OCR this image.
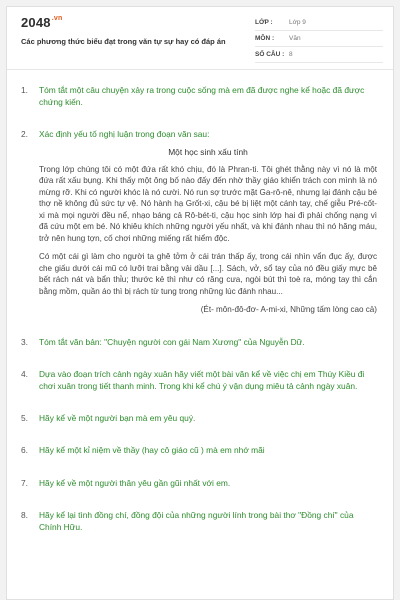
$2048^{.vn}$
Các phương thức biểu đạt trong văn tự sự hay có đáp án
LỚP :	Lớp 9
MÔN :	Văn
SỐ CÂU : 8
1.	Tóm tắt một câu chuyện xảy ra trong cuộc sống mà em đã được nghe kể hoặc đã được chứng kiến.
2.	Xác định yếu tố nghị luận trong đoạn văn sau:
Một học sinh xấu tính

Trong lớp chúng tôi có một đứa rất khó chịu, đó là Phran-ti. Tôi ghét thằng này vì nó là một đứa rất xấu bụng. Khi thấy một ông bố nào đấy đến nhờ thầy giáo khiển trách con mình là nó mừng rỡ. Khi có người khóc là nó cười. Nó run sợ trước mặt Ga-rô-nê, nhưng lại đánh cậu bé thợ nề không đủ sức tự vệ. Nó hành hạ Grốt-xi, cậu bé bị liệt một cánh tay, chế giễu Pré-cốt-xi mà mọi người đều nể, nhạo báng cả Rô-bét-ti, cậu học sinh lớp hai đi phải chống nạng vì đã cứu một em bé. Nó khiêu khích những người yếu nhất, và khi đánh nhau thì nó hăng máu, trở nên hung tợn, cố chơi những miếng rất hiểm độc.

Có một cái gì làm cho người ta ghê tởm ở cái trán thấp ấy, trong cái nhìn vẩn đục ấy, được che giấu dưới cái mũ có lưỡi trai bằng vải dầu [...]. Sách, vở, sổ tay của nó đều giấy mực bê bết rách nát và bẩn thỉu; thước kẻ thì như có răng cưa, ngòi bút thì toè ra, móng tay thì cắn bằng mồm, quần áo thì bị rách từ tung trong những lúc đánh nhau...

(Ét- môn-đô-đơ- A-mi-xi, Những tấm lòng cao cả)

3.	Tóm tắt văn bản: "Chuyện người con gái Nam Xương" của Nguyễn Dữ.
4.	Dựa vào đoạn trích cảnh ngày xuân hãy viết một bài văn kể về việc chị em Thúy Kiều đi chơi xuân trong tiết thanh minh. Trong khi kể chú ý vận dụng miêu tả cảnh ngày xuân.
5.	Hãy kể về một người bạn mà em yêu quý.
6.	Hãy kể một kỉ niệm về thầy (hay cô giáo cũ ) mà em nhớ mãi
7.	Hãy kể về một người thân yêu gần gũi nhất với em.
8.	Hãy kể lại tình đồng chí, đồng đội của những người lính trong bài thơ "Đồng chí" của Chính Hữu.
